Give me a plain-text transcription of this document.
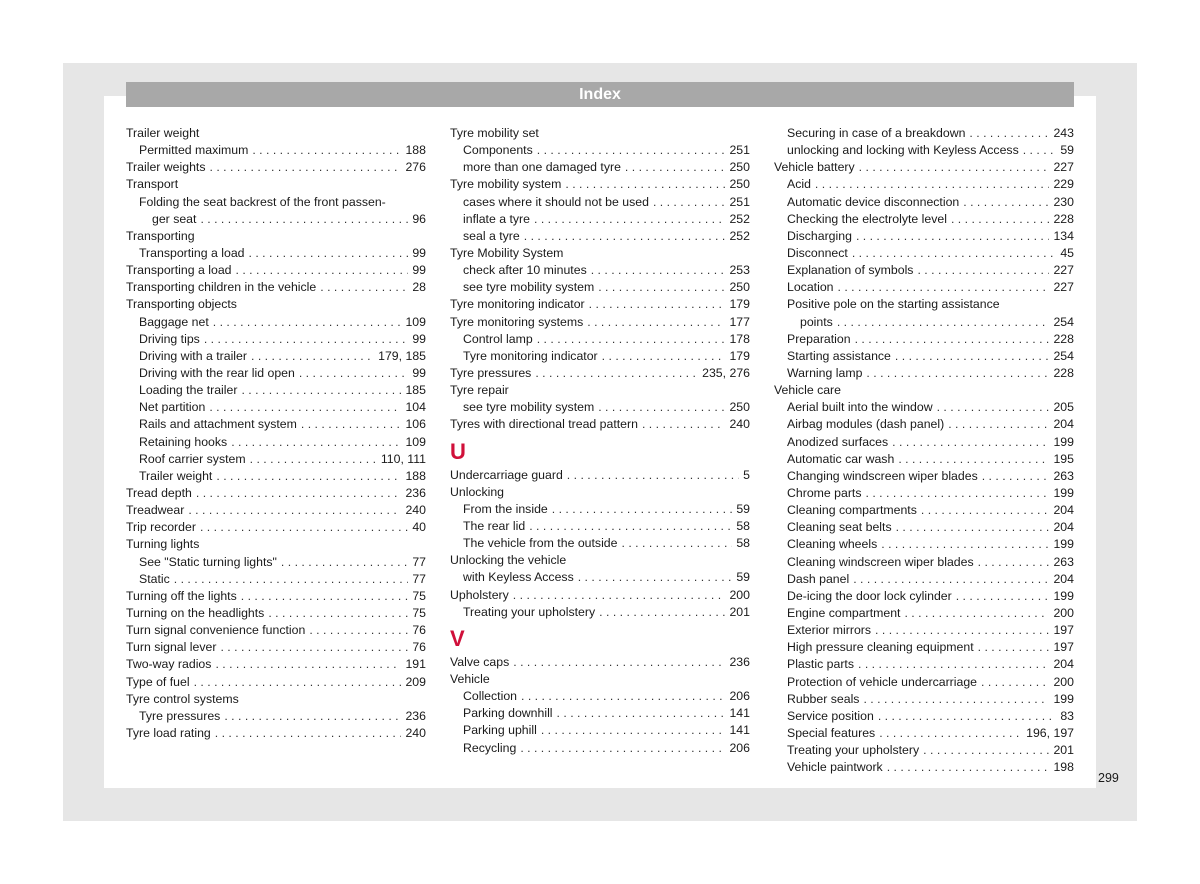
Index
Trailer weight
Permitted maximum . . .	188
Trailer weights . . .	276
Transport
Folding the seat backrest of the front passen-
ger seat . . .	96
Transporting
Transporting a load . . .	99
Transporting a load . . .	99
Transporting children in the vehicle . . .	28
Transporting objects
Baggage net . . .	109
Driving tips . . .	99
Driving with a trailer . . .	179, 185
Driving with the rear lid open . . .	99
Loading the trailer . . .	185
Net partition . . .	104
Rails and attachment system . . .	106
Retaining hooks . . .	109
Roof carrier system . . .	110, 111
Trailer weight . . .	188
Tread depth . . .	236
Treadwear . . .	240
Trip recorder . . .	40
Turning lights
See "Static turning lights" . . .	77
Static . . .	77
Turning off the lights . . .	75
Turning on the headlights . . .	75
Turn signal convenience function . . .	76
Turn signal lever . . .	76
Two-way radios . . .	191
Type of fuel . . .	209
Tyre control systems
Tyre pressures . . .	236
Tyre load rating . . .	240
Tyre mobility set
Components . . .	251
more than one damaged tyre . . .	250
Tyre mobility system . . .	250
cases where it should not be used . . .	251
inflate a tyre . . .	252
seal a tyre . . .	252
Tyre Mobility System
check after 10 minutes . . .	253
see tyre mobility system . . .	250
Tyre monitoring indicator . . .	179
Tyre monitoring systems . . .	177
Control lamp . . .	178
Tyre monitoring indicator . . .	179
Tyre pressures . . .	235, 276
Tyre repair
see tyre mobility system . . .	250
Tyres with directional tread pattern . . .	240
U
Undercarriage guard . . .	5
Unlocking
From the inside . . .	59
The rear lid . . .	58
The vehicle from the outside . . .	58
Unlocking the vehicle
with Keyless Access . . .	59
Upholstery . . .	200
Treating your upholstery . . .	201
V
Valve caps . . .	236
Vehicle
Collection . . .	206
Parking downhill . . .	141
Parking uphill . . .	141
Recycling . . .	206
Securing in case of a breakdown . . .	243
unlocking and locking with Keyless Access . . .	59
Vehicle battery . . .	227
Acid . . .	229
Automatic device disconnection . . .	230
Checking the electrolyte level . . .	228
Discharging . . .	134
Disconnect . . .	45
Explanation of symbols . . .	227
Location . . .	227
Positive pole on the starting assistance
points . . .	254
Preparation . . .	228
Starting assistance . . .	254
Warning lamp . . .	228
Vehicle care
Aerial built into the window . . .	205
Airbag modules (dash panel) . . .	204
Anodized surfaces . . .	199
Automatic car wash . . .	195
Changing windscreen wiper blades . . .	263
Chrome parts . . .	199
Cleaning compartments . . .	204
Cleaning seat belts . . .	204
Cleaning wheels . . .	199
Cleaning windscreen wiper blades . . .	263
Dash panel . . .	204
De-icing the door lock cylinder . . .	199
Engine compartment . . .	200
Exterior mirrors . . .	197
High pressure cleaning equipment . . .	197
Plastic parts . . .	204
Protection of vehicle undercarriage . . .	200
Rubber seals . . .	199
Service position . . .	83
Special features . . .	196, 197
Treating your upholstery . . .	201
Vehicle paintwork . . .	198
299
